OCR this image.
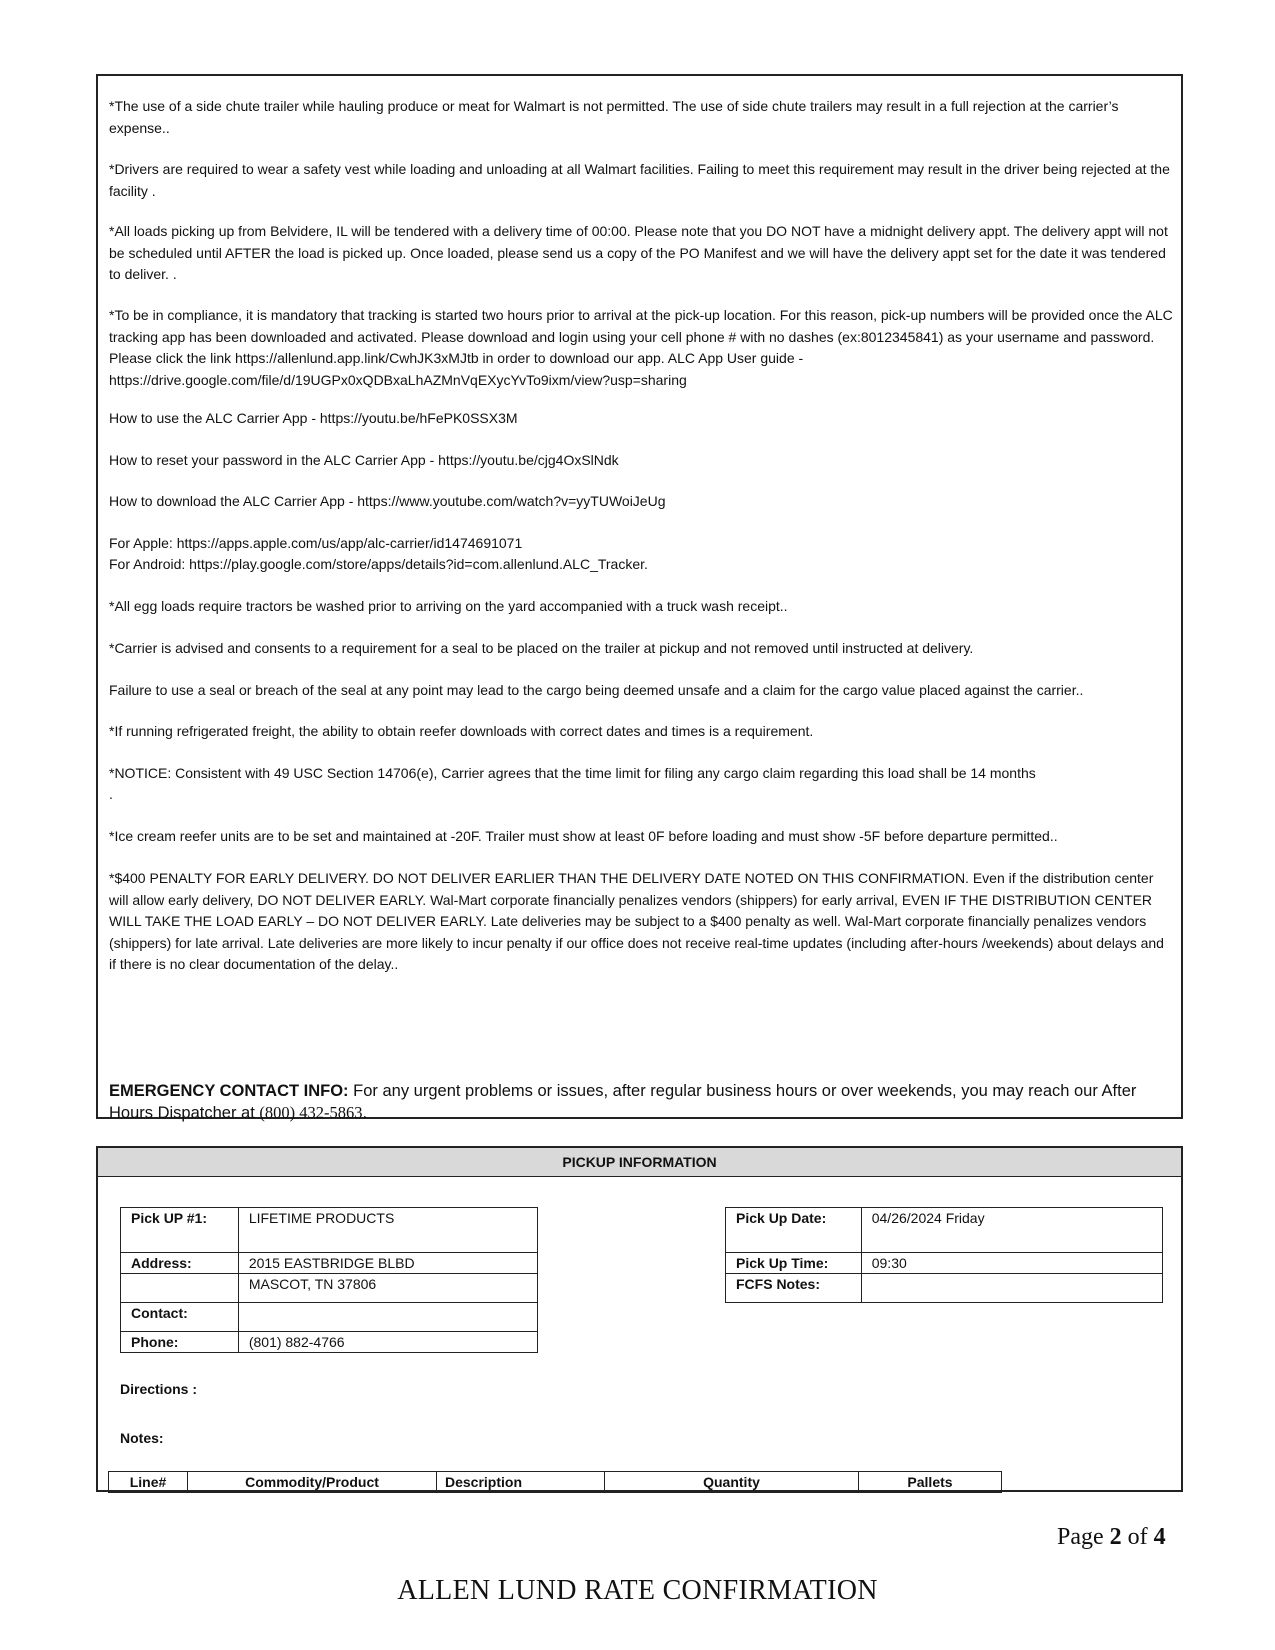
*The use of a side chute trailer while hauling produce or meat for Walmart is not permitted. The use of side chute trailers may result in a full rejection at the carrier’s expense..

*Drivers are required to wear a safety vest while loading and unloading at all Walmart facilities. Failing to meet this requirement may result in the driver being rejected at the facility .

*All loads picking up from Belvidere, IL will be tendered with a delivery time of 00:00. Please note that you DO NOT have a midnight delivery appt. The delivery appt will not be scheduled until AFTER the load is picked up. Once loaded, please send us a copy of the PO Manifest and we will have the delivery appt set for the date it was tendered to deliver. .

*To be in compliance, it is mandatory that tracking is started two hours prior to arrival at the pick-up location. For this reason, pick-up numbers will be provided once the ALC tracking app has been downloaded and activated. Please download and login using your cell phone # with no dashes (ex:8012345841) as your username and password. Please click the link https://allenlund.app.link/CwhJK3xMJtb in order to download our app. ALC App User guide - https://drive.google.com/file/d/19UGPx0xQDBxaLhAZMnVqEXycYvTo9ixm/view?usp=sharing

How to use the ALC Carrier App - https://youtu.be/hFePK0SSX3M

How to reset your password in the ALC Carrier App - https://youtu.be/cjg4OxSlNdk

How to download the ALC Carrier App - https://www.youtube.com/watch?v=yyTUWoiJeUg

For Apple: https://apps.apple.com/us/app/alc-carrier/id1474691071

For Android: https://play.google.com/store/apps/details?id=com.allenlund.ALC_Tracker.

*All egg loads require tractors be washed prior to arriving on the yard accompanied with a truck wash receipt..

*Carrier is advised and consents to a requirement for a seal to be placed on the trailer at pickup and not removed until instructed at delivery.

Failure to use a seal or breach of the seal at any point may lead to the cargo being deemed unsafe and a claim for the cargo value placed against the carrier..

*If running refrigerated freight, the ability to obtain reefer downloads with correct dates and times is a requirement.

*NOTICE: Consistent with 49 USC Section 14706(e), Carrier agrees that the time limit for filing any cargo claim regarding this load shall be 14 months

.

*Ice cream reefer units are to be set and maintained at -20F. Trailer must show at least 0F before loading and must show -5F before departure permitted..

*$400 PENALTY FOR EARLY DELIVERY. DO NOT DELIVER EARLIER THAN THE DELIVERY DATE NOTED ON THIS CONFIRMATION. Even if the distribution center will allow early delivery, DO NOT DELIVER EARLY. Wal-Mart corporate financially penalizes vendors (shippers) for early arrival, EVEN IF THE DISTRIBUTION CENTER WILL TAKE THE LOAD EARLY – DO NOT DELIVER EARLY. Late deliveries may be subject to a $400 penalty as well. Wal-Mart corporate financially penalizes vendors (shippers) for late arrival. Late deliveries are more likely to incur penalty if our office does not receive real-time updates (including after-hours /weekends) about delays and if there is no clear documentation of the delay..

EMERGENCY CONTACT INFO: For any urgent problems or issues, after regular business hours or over weekends, you may reach our After Hours Dispatcher at (800) 432-5863.

PICKUP INFORMATION
Pick UP #1:	LIFETIME PRODUCTS
Address:	2015 EASTBRIDGE BLBD
	MASCOT, TN 37806
Contact:	
Phone:	(801) 882-4766
Pick Up Date:	04/26/2024 Friday
Pick Up Time:	09:30
FCFS Notes:	
Directions :
Notes:
Line#	Commodity/Product	Description	Quantity	Pallets
Page 2 of 4
ALLEN LUND RATE CONFIRMATION
